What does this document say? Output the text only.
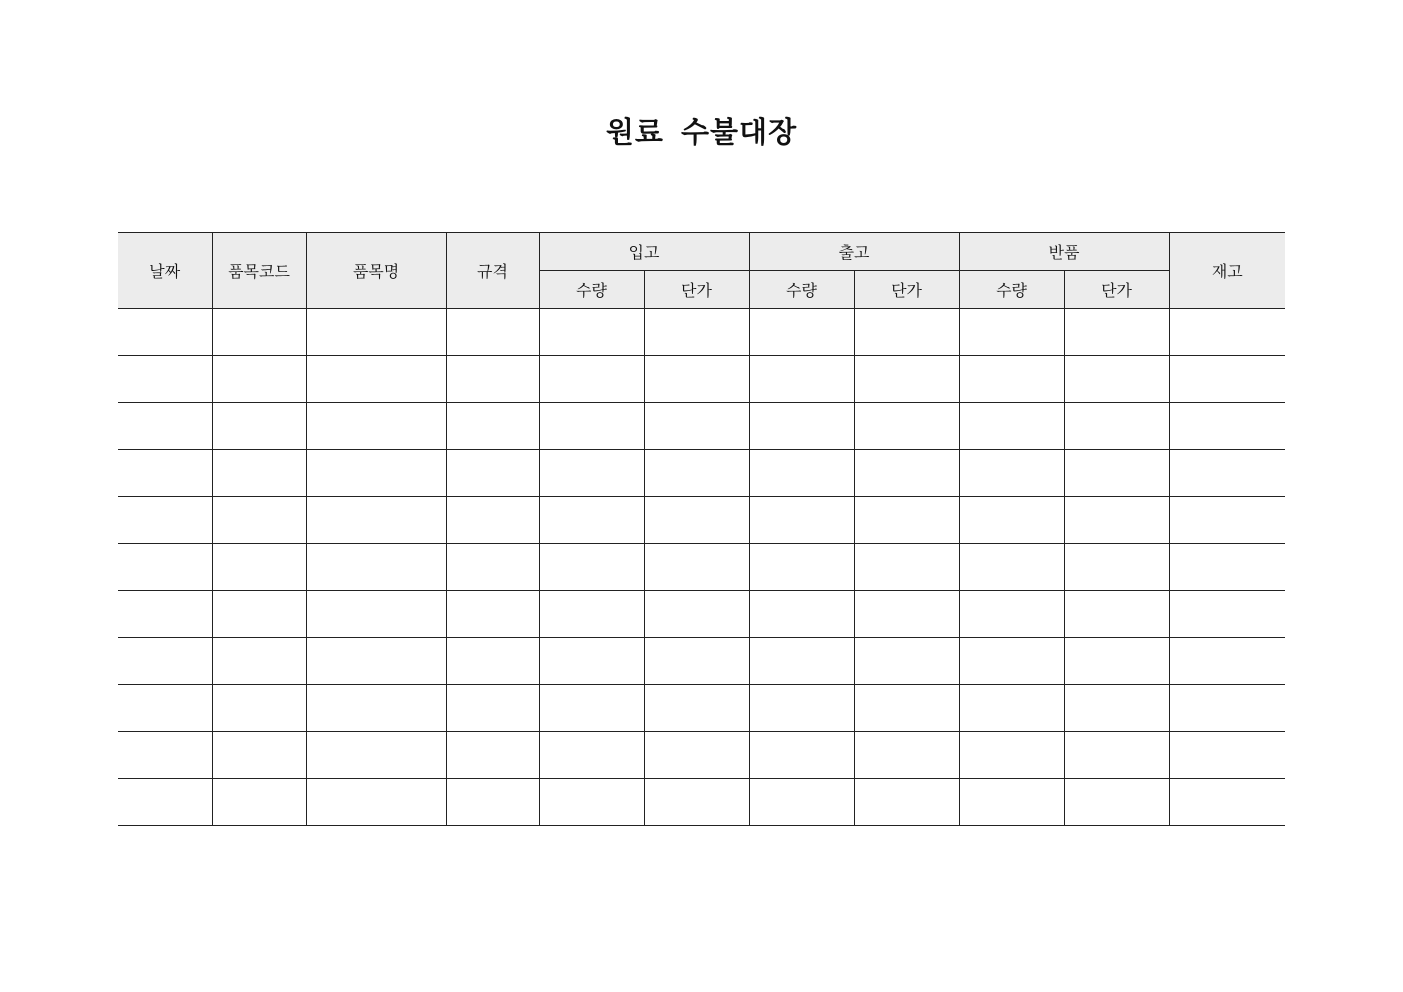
원료 수불대장
날짜	품목코드	품목명	규격	입고		출고		반품		재고
				수량	단가	수량	단가	수량	단가	
